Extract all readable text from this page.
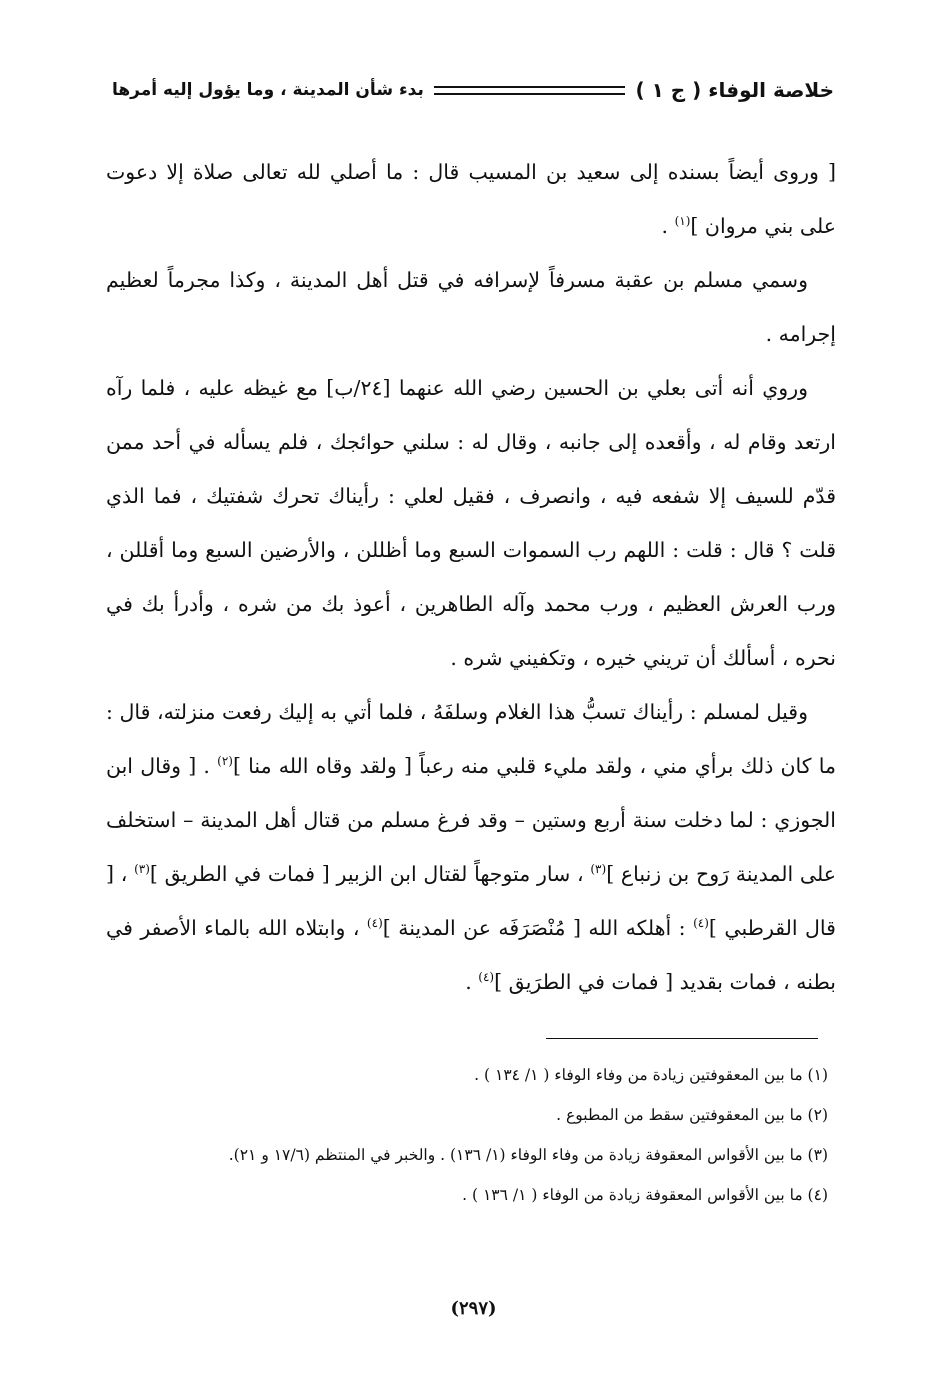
خلاصة الوفاء ( ج ١ )
بدء شأن المدينة ، وما يؤول إليه أمرها

[ وروى أيضاً بسنده إلى سعيد بن المسيب قال : ما أصلي لله تعالى صلاة إلا دعوت على بني مروان ]$^{(١)}$ .

وسمي مسلم بن عقبة مسرفاً لإسرافه في قتل أهل المدينة ، وكذا مجرماً لعظيم إجرامه .

وروي أنه أتى بعلي بن الحسين رضي الله عنهما [٢٤/ب] مع غيظه عليه ، فلما رآه ارتعد وقام له ، وأقعده إلى جانبه ، وقال له : سلني حوائجك ، فلم يسأله في أحد ممن قدّم للسيف إلا شفعه فيه ، وانصرف ، فقيل لعلي : رأيناك تحرك شفتيك ، فما الذي قلت ؟ قال : قلت : اللهم رب السموات السبع وما أظللن ، والأرضين السبع وما أقللن ، ورب العرش العظيم ، ورب محمد وآله الطاهرين ، أعوذ بك من شره ، وأدرأ بك في نحره ، أسألك أن تريني خيره ، وتكفيني شره .

وقيل لمسلم : رأيناك تسبُّ هذا الغلام وسلفَهُ ، فلما أتي به إليك رفعت منزلته، قال : ما كان ذلك برأي مني ، ولقد مليء قلبي منه رعباً [ ولقد وقاه الله منا ]$^{(٢)}$ . [ وقال ابن الجوزي : لما دخلت سنة أربع وستين – وقد فرغ مسلم من قتال أهل المدينة – استخلف على المدينة رَوح بن زنباع ]$^{(٣)}$ ، سار متوجهاً لقتال ابن الزبير [ فمات في الطريق ]$^{(٣)}$ ، [ قال القرطبي ]$^{(٤)}$ : أهلكه الله [ مُنْصَرَفَه عن المدينة ]$^{(٤)}$ ، وابتلاه الله بالماء الأصفر في بطنه ، فمات بقديد [ فمات في الطرَيق ]$^{(٤)}$ .

(١) ما بين المعقوفتين زيادة من وفاء الوفاء ( ١/ ١٣٤ ) .

(٢) ما بين المعقوفتين سقط من المطبوع .

(٣) ما بين الأقواس المعقوفة زيادة من وفاء الوفاء (١/ ١٣٦) . والخبر في المنتظم (١٧/٦ و ٢١).

(٤) ما بين الأقواس المعقوفة زيادة من الوفاء ( ١/ ١٣٦ ) .

(٢٩٧)
